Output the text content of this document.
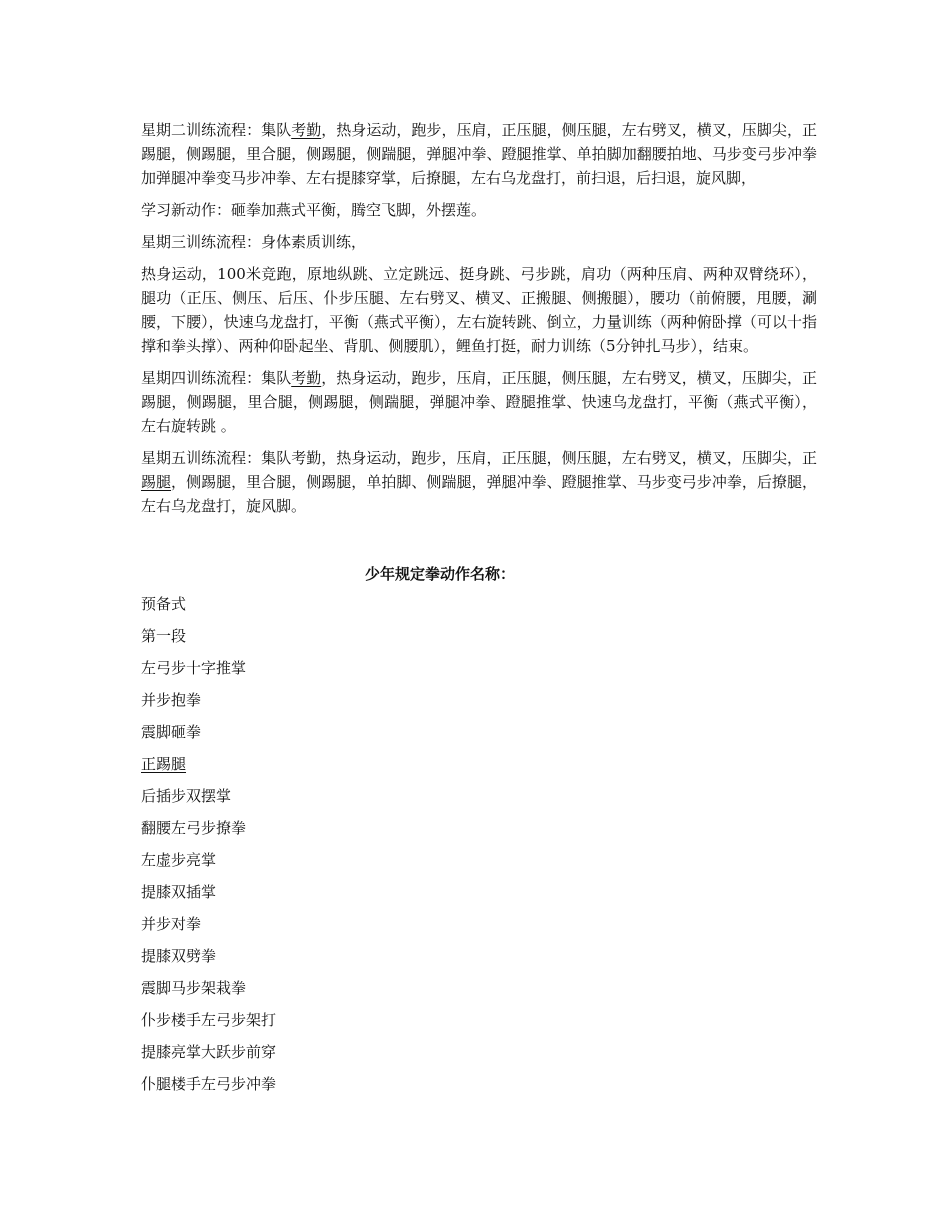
星期二训练流程：集队考勤，热身运动，跑步，压肩，正压腿，侧压腿，左右劈叉，横叉，压脚尖，正踢腿，侧踢腿，里合腿，侧踢腿，侧踹腿，弹腿冲拳、蹬腿推掌、单拍脚加翻腰拍地、马步变弓步冲拳加弹腿冲拳变马步冲拳、左右提膝穿掌，后撩腿，左右乌龙盘打，前扫退，后扫退，旋风脚，

学习新动作：砸拳加燕式平衡，腾空飞脚，外摆莲。

星期三训练流程：身体素质训练，

热身运动，100米竞跑，原地纵跳、立定跳远、挺身跳、弓步跳，肩功（两种压肩、两种双臂绕环），腿功（正压、侧压、后压、仆步压腿、左右劈叉、横叉、正搬腿、侧搬腿），腰功（前俯腰，甩腰，涮腰，下腰），快速乌龙盘打，平衡（燕式平衡），左右旋转跳、倒立，力量训练（两种俯卧撑（可以十指撑和拳头撑）、两种仰卧起坐、背肌、侧腰肌），鲤鱼打挺，耐力训练（5分钟扎马步），结束。

星期四训练流程：集队考勤，热身运动，跑步，压肩，正压腿，侧压腿，左右劈叉，横叉，压脚尖，正踢腿，侧踢腿，里合腿，侧踢腿，侧踹腿，弹腿冲拳、蹬腿推掌、快速乌龙盘打，平衡（燕式平衡），左右旋转跳 。

星期五训练流程：集队考勤，热身运动，跑步，压肩，正压腿，侧压腿，左右劈叉，横叉，压脚尖，正踢腿，侧踢腿，里合腿，侧踢腿，单拍脚、侧踹腿，弹腿冲拳、蹬腿推掌、马步变弓步冲拳，后撩腿，左右乌龙盘打，旋风脚。

少年规定拳动作名称：
预备式
第一段
左弓步十字推掌
并步抱拳
震脚砸拳
正踢腿
后插步双摆掌
翻腰左弓步撩拳
左虚步亮掌
提膝双插掌
并步对拳
提膝双劈拳
震脚马步架栽拳
仆步楼手左弓步架打
提膝亮掌大跃步前穿
仆腿楼手左弓步冲拳
